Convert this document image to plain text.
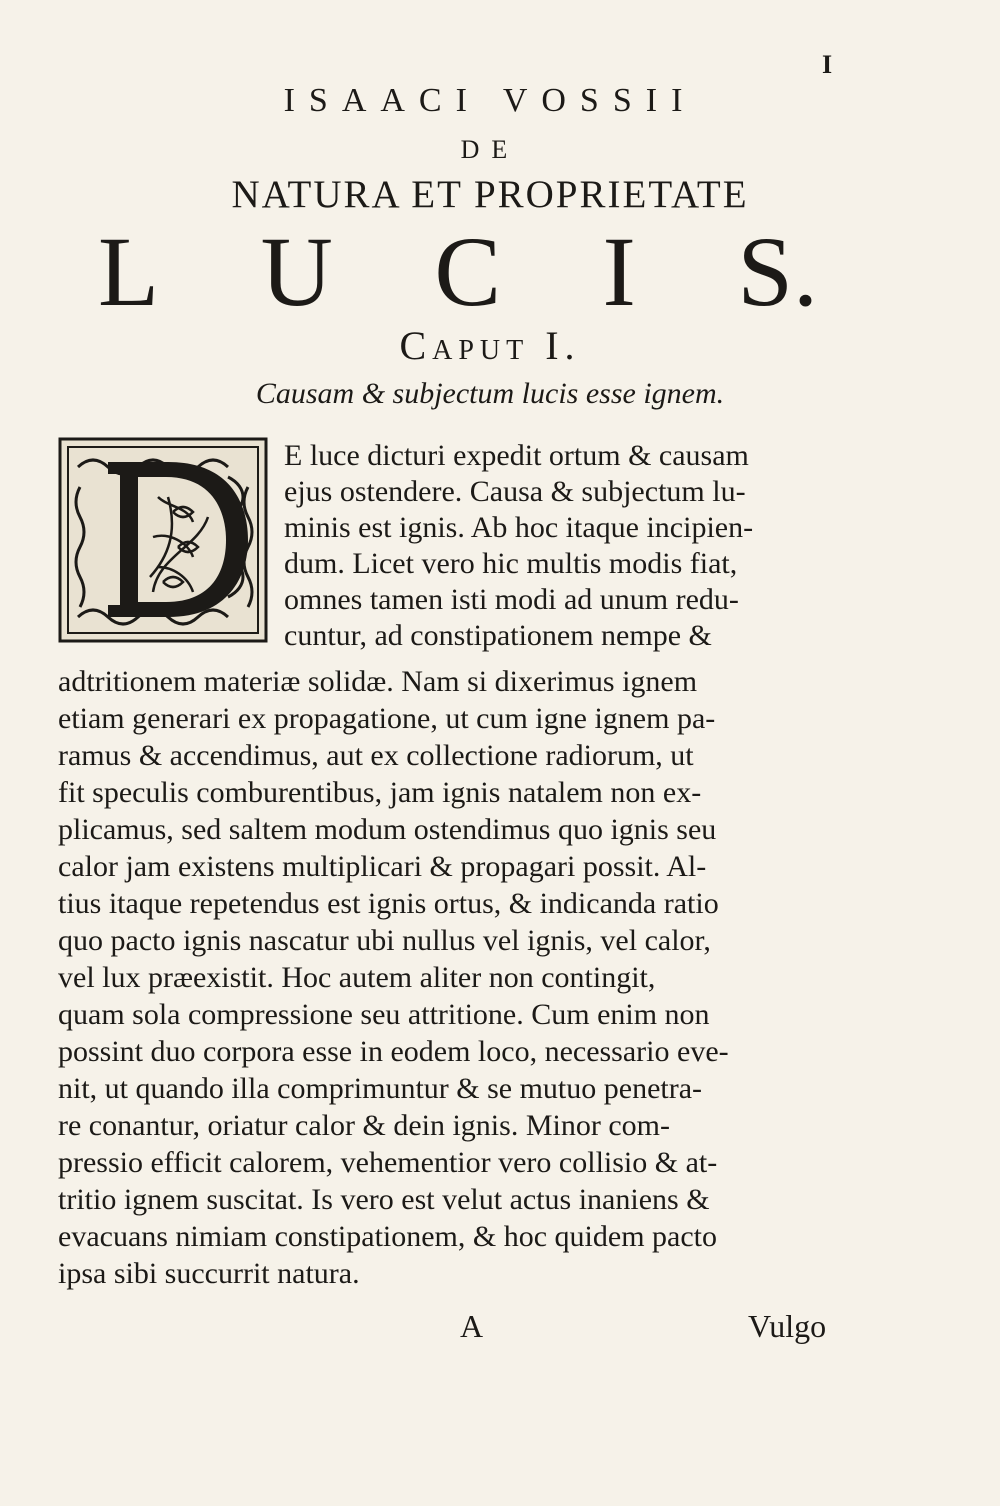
I
ISAACI VOSSII
DE
NATURA ET PROPRIETATE
L U C I S.
Caput I.
Causam & subjectum lucis esse ignem.
D
E luce dicturi expedit ortum & causam
ejus ostendere. Causa & subjectum lu-
minis est ignis. Ab hoc itaque incipien-
dum. Licet vero hic multis modis fiat,
omnes tamen isti modi ad unum redu-
cuntur, ad constipationem nempe &
adtritionem materiæ solidæ. Nam si dixerimus ignem
etiam generari ex propagatione, ut cum igne ignem pa-
ramus & accendimus, aut ex collectione radiorum, ut
fit speculis comburentibus, jam ignis natalem non ex-
plicamus, sed saltem modum ostendimus quo ignis seu
calor jam existens multiplicari & propagari possit. Al-
tius itaque repetendus est ignis ortus, & indicanda ratio
quo pacto ignis nascatur ubi nullus vel ignis, vel calor,
vel lux præexistit. Hoc autem aliter non contingit,
quam sola compressione seu attritione. Cum enim non
possint duo corpora esse in eodem loco, necessario eve-
nit, ut quando illa comprimuntur & se mutuo penetra-
re conantur, oriatur calor & dein ignis. Minor com-
pressio efficit calorem, vehementior vero collisio & at-
tritio ignem suscitat. Is vero est velut actus inaniens &
evacuans nimiam constipationem, & hoc quidem pacto
ipsa sibi succurrit natura.
A	Vulgo
